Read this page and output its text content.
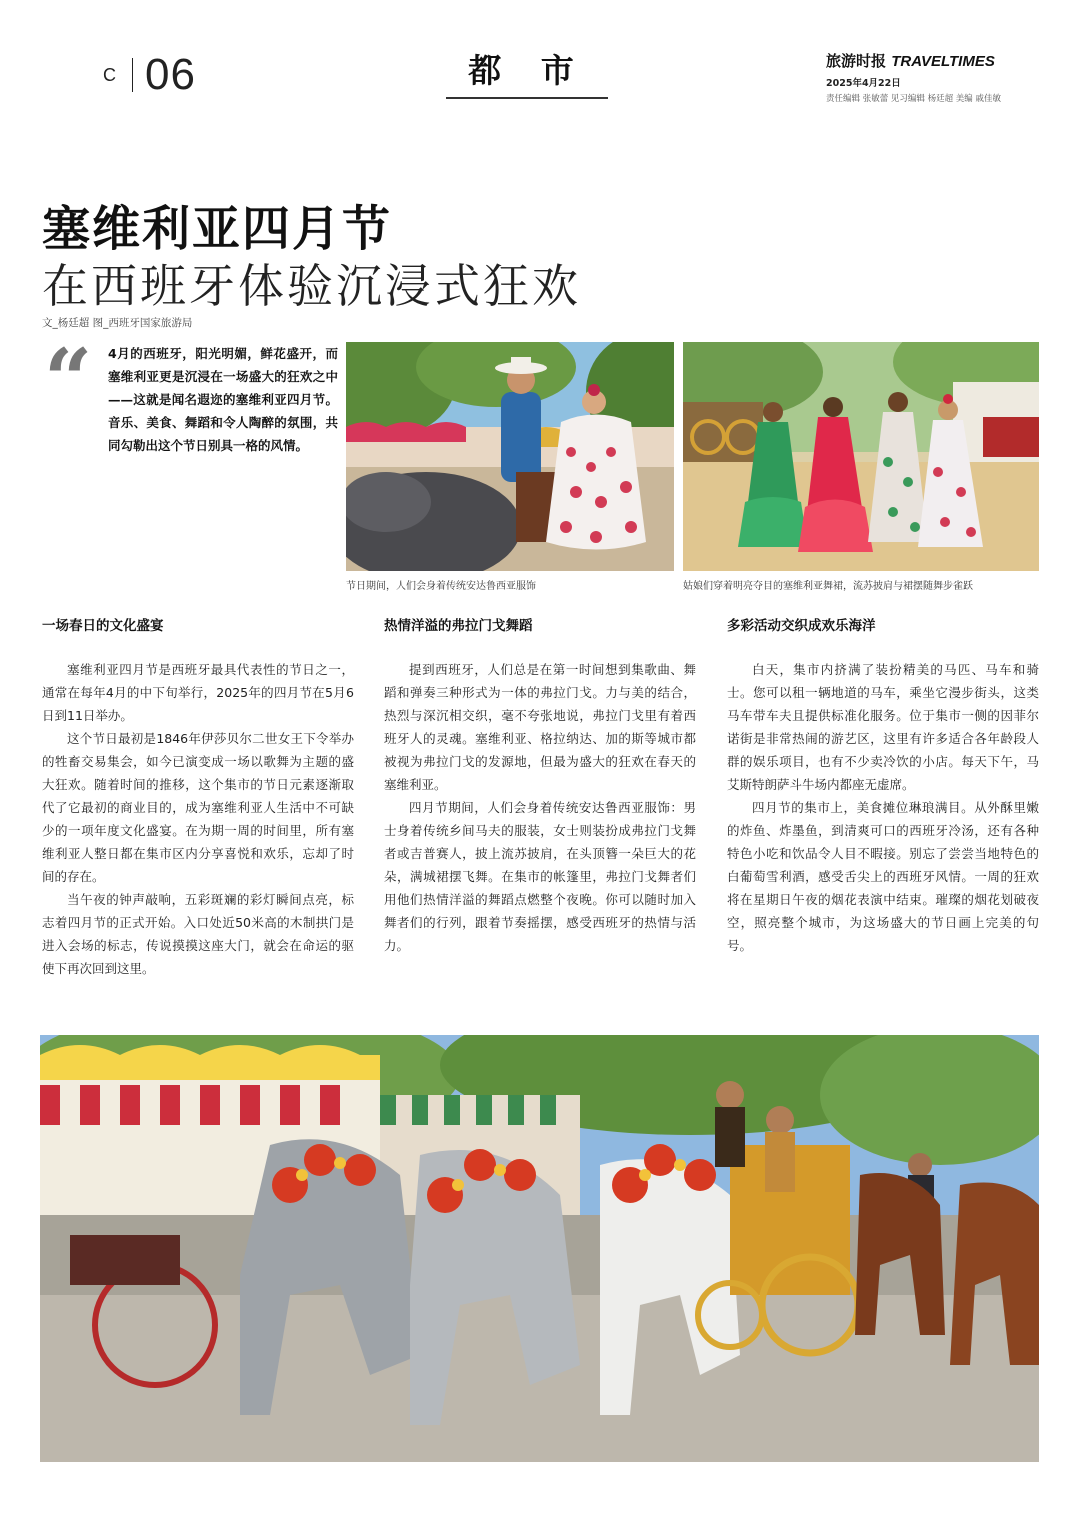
C 06	都 市	旅游时报 TRAVELTIMES
2025年4月22日
责任编辑 张敏蕾 见习编辑 杨廷超 美编 戚佳敏
塞维利亚四月节
在西班牙体验沉浸式狂欢
文_杨廷超 图_西班牙国家旅游局
“ 4月的西班牙，阳光明媚，鲜花盛开，而塞维利亚更是沉浸在一场盛大的狂欢之中——这就是闻名遐迩的塞维利亚四月节。音乐、美食、舞蹈和令人陶醉的氛围，共同勾勒出这个节日别具一格的风情。
节日期间，人们会身着传统安达鲁西亚服饰	姑娘们穿着明亮夺目的塞维利亚舞裙，流苏披肩与裙摆随舞步雀跃
一场春日的文化盛宴

塞维利亚四月节是西班牙最具代表性的节日之一，通常在每年4月的中下旬举行，2025年的四月节在5月6日到11日举办。

这个节日最初是1846年伊莎贝尔二世女王下令举办的牲畜交易集会，如今已演变成一场以歌舞为主题的盛大狂欢。随着时间的推移，这个集市的节日元素逐渐取代了它最初的商业目的，成为塞维利亚人生活中不可缺少的一项年度文化盛宴。在为期一周的时间里，所有塞维利亚人整日都在集市区内分享喜悦和欢乐，忘却了时间的存在。

当午夜的钟声敲响，五彩斑斓的彩灯瞬间点亮，标志着四月节的正式开始。入口处近50米高的木制拱门是进入会场的标志，传说摸摸这座大门，就会在命运的驱使下再次回到这里。

热情洋溢的弗拉门戈舞蹈

提到西班牙，人们总是在第一时间想到集歌曲、舞蹈和弹奏三种形式为一体的弗拉门戈。力与美的结合，热烈与深沉相交织，毫不夸张地说，弗拉门戈里有着西班牙人的灵魂。塞维利亚、格拉纳达、加的斯等城市都被视为弗拉门戈的发源地，但最为盛大的狂欢在春天的塞维利亚。

四月节期间，人们会身着传统安达鲁西亚服饰：男士身着传统乡间马夫的服装，女士则装扮成弗拉门戈舞者或吉普赛人，披上流苏披肩，在头顶簪一朵巨大的花朵，满城裙摆飞舞。在集市的帐篷里，弗拉门戈舞者们用他们热情洋溢的舞蹈点燃整个夜晚。你可以随时加入舞者们的行列，跟着节奏摇摆，感受西班牙的热情与活力。

多彩活动交织成欢乐海洋

白天，集市内挤满了装扮精美的马匹、马车和骑士。您可以租一辆地道的马车，乘坐它漫步街头，这类马车带车夫且提供标准化服务。位于集市一侧的因菲尔诺街是非常热闹的游艺区，这里有许多适合各年龄段人群的娱乐项目，也有不少卖冷饮的小店。每天下午，马艾斯特朗萨斗牛场内都座无虚席。

四月节的集市上，美食摊位琳琅满目。从外酥里嫩的炸鱼、炸墨鱼，到清爽可口的西班牙冷汤，还有各种特色小吃和饮品令人目不暇接。别忘了尝尝当地特色的白葡萄雪利酒，感受舌尖上的西班牙风情。一周的狂欢将在星期日午夜的烟花表演中结束。璀璨的烟花划破夜空，照亮整个城市，为这场盛大的节日画上完美的句号。
